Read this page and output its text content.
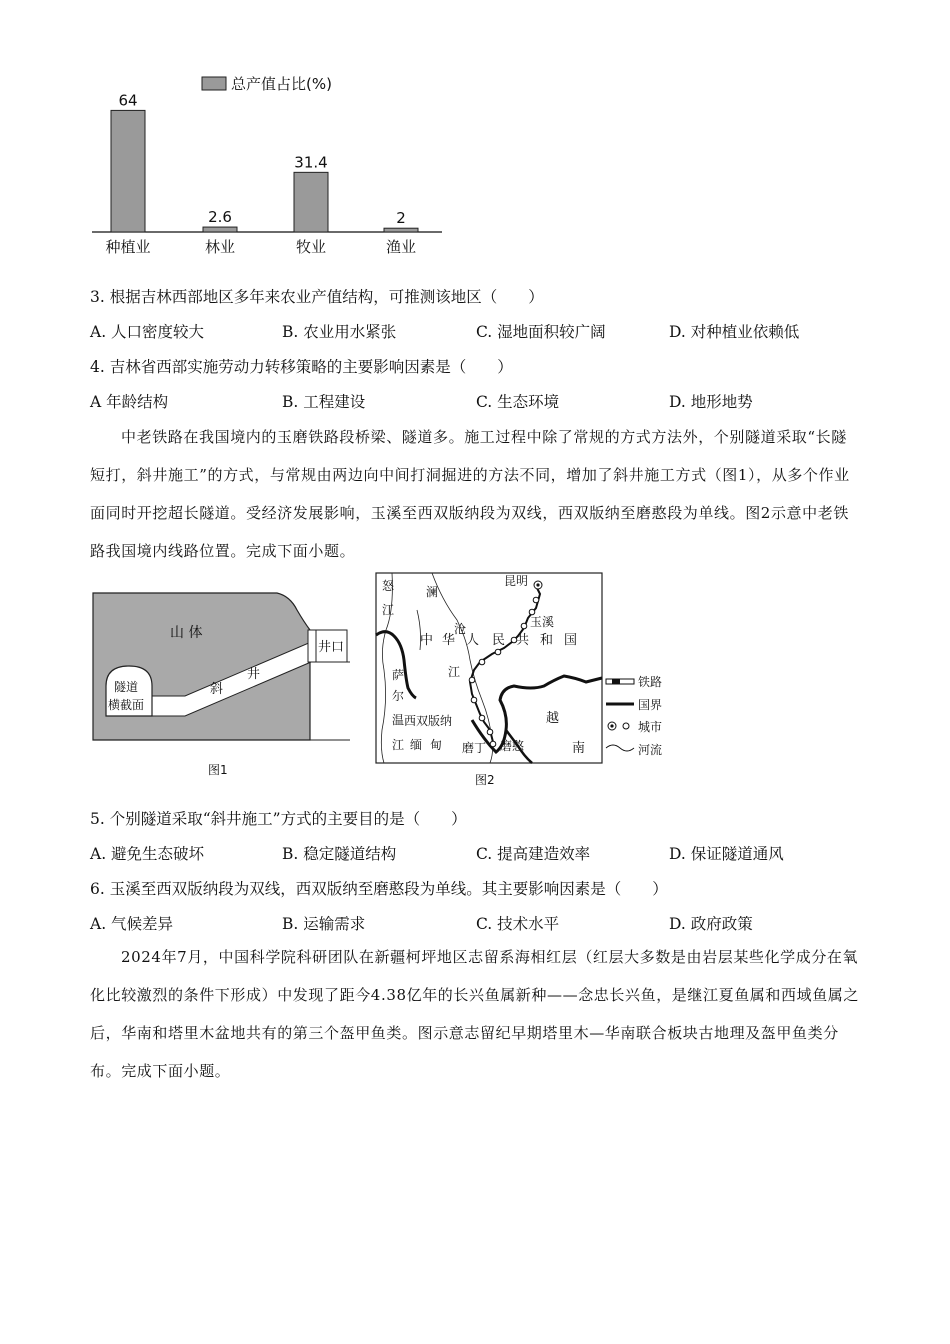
总产值占比(%)
64
种植业
2.6
林业
31.4
牧业
2
渔业
3. 根据吉林西部地区多年来农业产值结构，可推测该地区（　　）
A. 人口密度较大	B. 农业用水紧张	C. 湿地面积较广阔	D. 对种植业依赖低
4. 吉林省西部实施劳动力转移策略的主要影响因素是（　　）
A 年龄结构	B. 工程建设	C. 生态环境	D. 地形地势
中老铁路在我国境内的玉磨铁路段桥梁、隧道多。施工过程中除了常规的方式方法外，个别隧道采取“长隧短打，斜井施工”的方式，与常规由两边向中间打洞掘进的方法不同，增加了斜井施工方式（图1），从多个作业面同时开挖超长隧道。受经济发展影响，玉溪至西双版纳段为双线，西双版纳至磨憨段为单线。图2示意中老铁路我国境内线路位置。完成下面小题。
山 体
隧道
横截面
斜
井
井口
图1
昆明
玉溪
西双版纳
磨憨
磨丁
中 华 人 民 共 和 国
怒
江
澜
沧
江
萨
尔
温
江 缅 甸
越
南
铁路
国界
城市
河流
图2
5. 个别隧道采取“斜井施工”方式的主要目的是（　　）
A. 避免生态破坏	B. 稳定隧道结构	C. 提高建造效率	D. 保证隧道通风
6. 玉溪至西双版纳段为双线，西双版纳至磨憨段为单线。其主要影响因素是（　　）
A. 气候差异	B. 运输需求	C. 技术水平	D. 政府政策
2024年7月，中国科学院科研团队在新疆柯坪地区志留系海相红层（红层大多数是由岩层某些化学成分在氧化比较激烈的条件下形成）中发现了距今4.38亿年的长兴鱼属新种——念忠长兴鱼，是继江夏鱼属和西域鱼属之后，华南和塔里木盆地共有的第三个盔甲鱼类。图示意志留纪早期塔里木—华南联合板块古地理及盔甲鱼类分布。完成下面小题。
